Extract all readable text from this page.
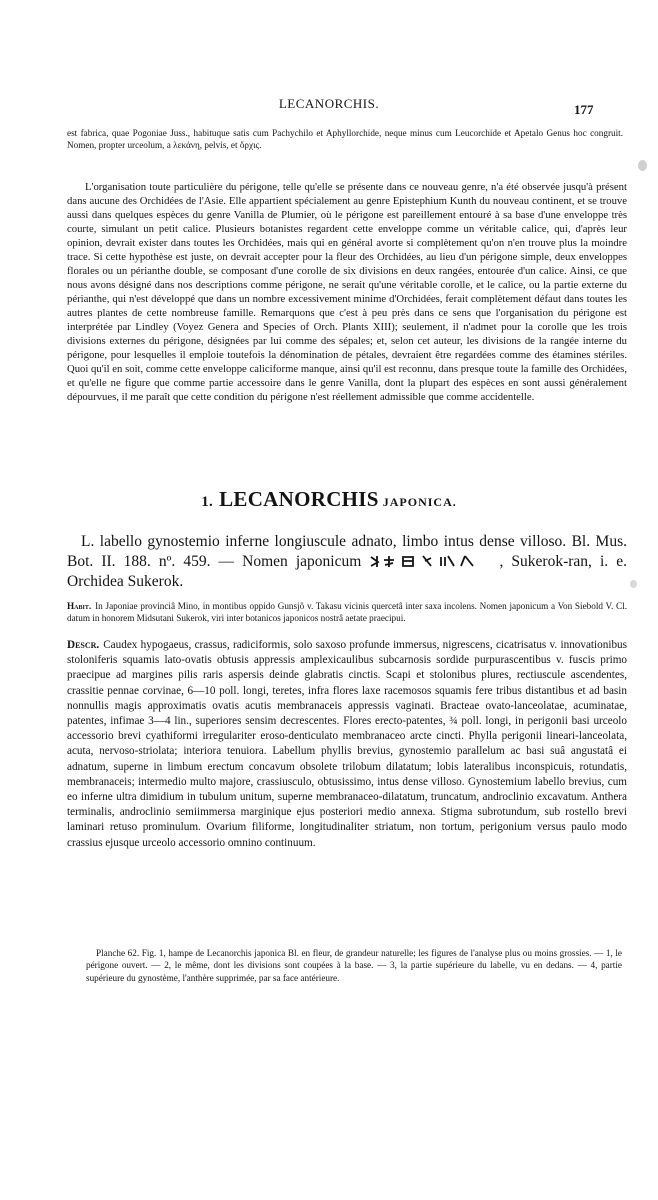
LECANORCHIS.	177

est fabrica, quae Pogoniae Juss., habituque satis cum Pachychilo et Aphyllorchide, neque minus cum Leucorchide et Apetalo Genus hoc congruit. Nomen, propter urceolum, a λεκάνη, pelvis, et ὄρχις.

L'organisation toute particulière du périgone, telle qu'elle se présente dans ce nouveau genre, n'a été observée jusqu'à présent dans aucune des Orchidées de l'Asie. Elle appartient spécialement au genre Epistephium Kunth du nouveau continent, et se trouve aussi dans quelques espèces du genre Vanilla de Plumier, où le périgone est pareillement entouré à sa base d'une enveloppe très courte, simulant un petit calice. Plusieurs botanistes regardent cette enveloppe comme un véritable calice, qui, d'après leur opinion, devrait exister dans toutes les Orchidées, mais qui en général avorte si complètement qu'on n'en trouve plus la moindre trace. Si cette hypothèse est juste, on devrait accepter pour la fleur des Orchidées, au lieu d'un périgone simple, deux enveloppes florales ou un périanthe double, se composant d'une corolle de six divisions en deux rangées, entourée d'un calice. Ainsi, ce que nous avons désigné dans nos descriptions comme périgone, ne serait qu'une véritable corolle, et le calice, ou la partie externe du périanthe, qui n'est développé que dans un nombre excessivement minime d'Orchidées, ferait complètement défaut dans toutes les autres plantes de cette nombreuse famille. Remarquons que c'est à peu près dans ce sens que l'organisation du périgone est interprétée par Lindley (Voyez Genera and Species of Orch. Plants XIII); seulement, il n'admet pour la corolle que les trois divisions externes du périgone, désignées par lui comme des sépales; et, selon cet auteur, les divisions de la rangée interne du périgone, pour lesquelles il emploie toutefois la dénomination de pétales, devraient être regardées comme des étamines stériles. Quoi qu'il en soit, comme cette enveloppe caliciforme manque, ainsi qu'il est reconnu, dans presque toute la famille des Orchidées, et qu'elle ne figure que comme partie accessoire dans le genre Vanilla, dont la plupart des espèces en sont aussi généralement dépourvues, il me paraît que cette condition du périgone n'est réellement admissible que comme accidentelle.

1. LECANORCHIS JAPONICA.

L. labello gynostemio inferne longiuscule adnato, limbo intus dense villoso. Bl. Mus. Bot. II. 188. nº. 459. — Nomen japonicum	, Sukerok-ran, i. e. Orchidea Sukerok.

Habit. In Japoniae provinciâ Mino, in montibus oppido Gunsjô v. Takasu vicinis quercetâ inter saxa incolens. Nomen japonicum a Von Siebold V. Cl. datum in honorem Midsutani Sukerok, viri inter botanicos japonicos nostrâ aetate praecipui.

Descr. Caudex hypogaeus, crassus, radiciformis, solo saxoso profunde immersus, nigrescens, cicatrisatus v. innovationibus stoloniferis squamis lato-ovatis obtusis appressis amplexicaulibus subcarnosis sordide purpurascentibus v. fuscis primo praecipue ad margines pilis raris aspersis deinde glabratis cinctis. Scapi et stolonibus plures, rectiuscule ascendentes, crassitie pennae corvinae, 6—10 poll. longi, teretes, infra flores laxe racemosos squamis fere tribus distantibus et ad basin nonnullis magis approximatis ovatis acutis membranaceis appressis vaginati. Bracteae ovato-lanceolatae, acuminatae, patentes, infimae 3—4 lin., superiores sensim decrescentes. Flores erecto-patentes, ¾ poll. longi, in perigonii basi urceolo accessorio brevi cyathiformi irregulariter eroso-denticulato membranaceo arcte cincti. Phylla perigonii lineari-lanceolata, acuta, nervoso-striolata; interiora tenuiora. Labellum phyllis brevius, gynostemio parallelum ac basi suâ angustatâ ei adnatum, superne in limbum erectum concavum obsolete trilobum dilatatum; lobis lateralibus inconspicuis, rotundatis, membranaceis; intermedio multo majore, crassiusculo, obtusissimo, intus dense villoso. Gynostemium labello brevius, cum eo inferne ultra dimidium in tubulum unitum, superne membranaceo-dilatatum, truncatum, androclinio excavatum. Anthera terminalis, androclinio semiimmersa marginique ejus posteriori medio annexa. Stigma subrotundum, sub rostello brevi laminari retuso prominulum. Ovarium filiforme, longitudinaliter striatum, non tortum, perigonium versus paulo modo crassius ejusque urceolo accessorio omnino continuum.

Planche 62. Fig. 1, hampe de Lecanorchis japonica Bl. en fleur, de grandeur naturelle; les figures de l'analyse plus ou moins grossies. — 1, le périgone ouvert. — 2, le même, dont les divisions sont coupées à la base. — 3, la partie supérieure du labelle, vu en dedans. — 4, partie supérieure du gynostème, l'anthère supprimée, par sa face antérieure.
